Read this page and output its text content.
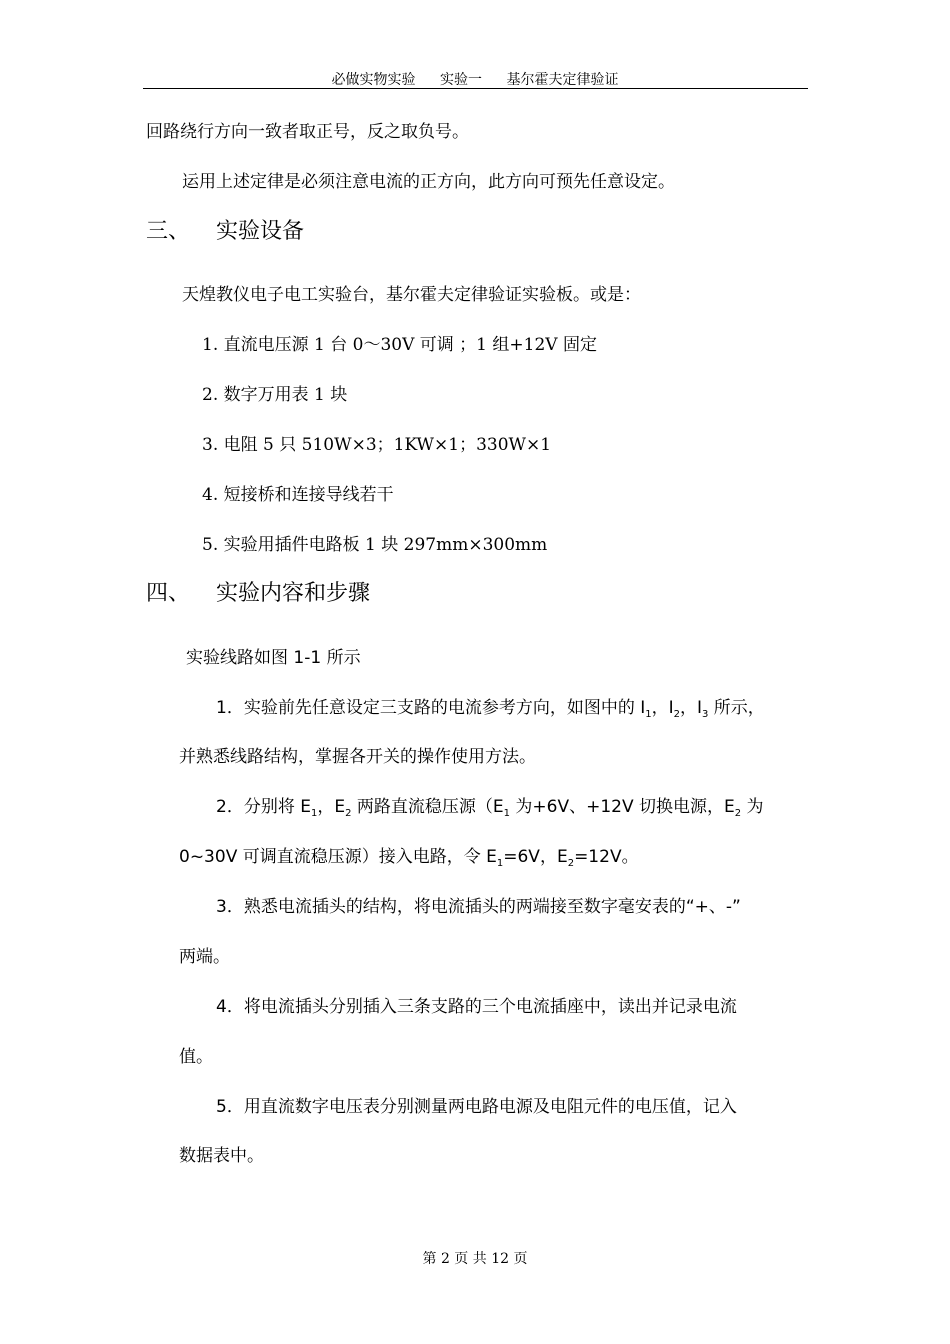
必做实物实验 实验一 基尔霍夫定律验证
回路绕行方向一致者取正号，反之取负号。
运用上述定律是必须注意电流的正方向，此方向可预先任意设定。
三、 实验设备
天煌教仪电子电工实验台，基尔霍夫定律验证实验板。或是：
1. 直流电压源 1 台 0～30V 可调 ；1 组+12V 固定
2. 数字万用表 1 块
3. 电阻 5 只 510W×3；1KW×1；330W×1
4. 短接桥和连接导线若干
5. 实验用插件电路板 1 块 297mm×300mm
四、 实验内容和步骤
实验线路如图 1-1 所示
1．实验前先任意设定三支路的电流参考方向，如图中的 $I_1$，$I_2$，$I_3$ 所示，
并熟悉线路结构，掌握各开关的操作使用方法。
2．分别将 $E_1$，$E_2$ 两路直流稳压源（$E_1$ 为+6V、+12V 切换电源，$E_2$ 为
0~30V 可调直流稳压源）接入电路，令 $E_1=6V$，$E_2=12V$。
3．熟悉电流插头的结构，将电流插头的两端接至数字毫安表的“+、-”
两端。
4．将电流插头分别插入三条支路的三个电流插座中，读出并记录电流
值。
5．用直流数字电压表分别测量两电路电源及电阻元件的电压值，记入
数据表中。
第 2 页 共 12 页
